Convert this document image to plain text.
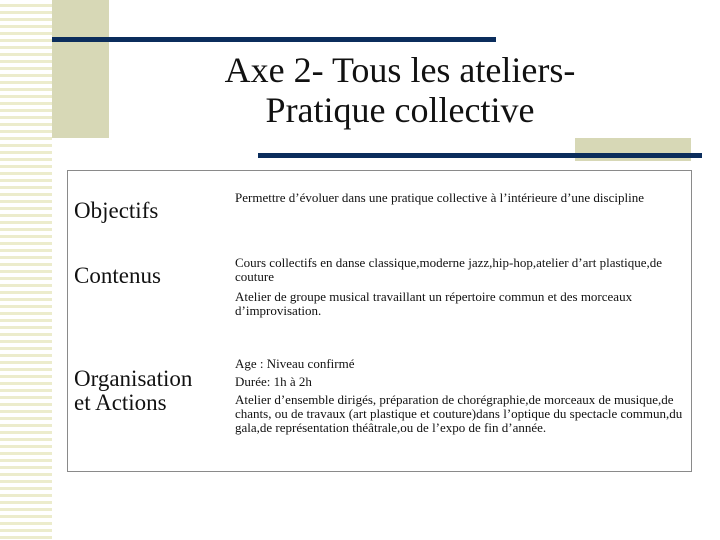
Axe 2- Tous les ateliers-
Pratique collective
Objectifs

Permettre d’évoluer dans une pratique collective à l’intérieure d’une discipline

Contenus

Cours collectifs en danse classique,moderne jazz,hip-hop,atelier d’art plastique,de couture

Atelier de groupe musical travaillant un répertoire commun et des morceaux d’improvisation.

Organisation
et Actions

Age : Niveau confirmé

Durée: 1h à 2h

Atelier d’ensemble dirigés, préparation de chorégraphie,de morceaux de musique,de chants, ou de travaux (art plastique et couture)dans l’optique du spectacle commun,du gala,de représentation théâtrale,ou de l’expo de fin d’année.
